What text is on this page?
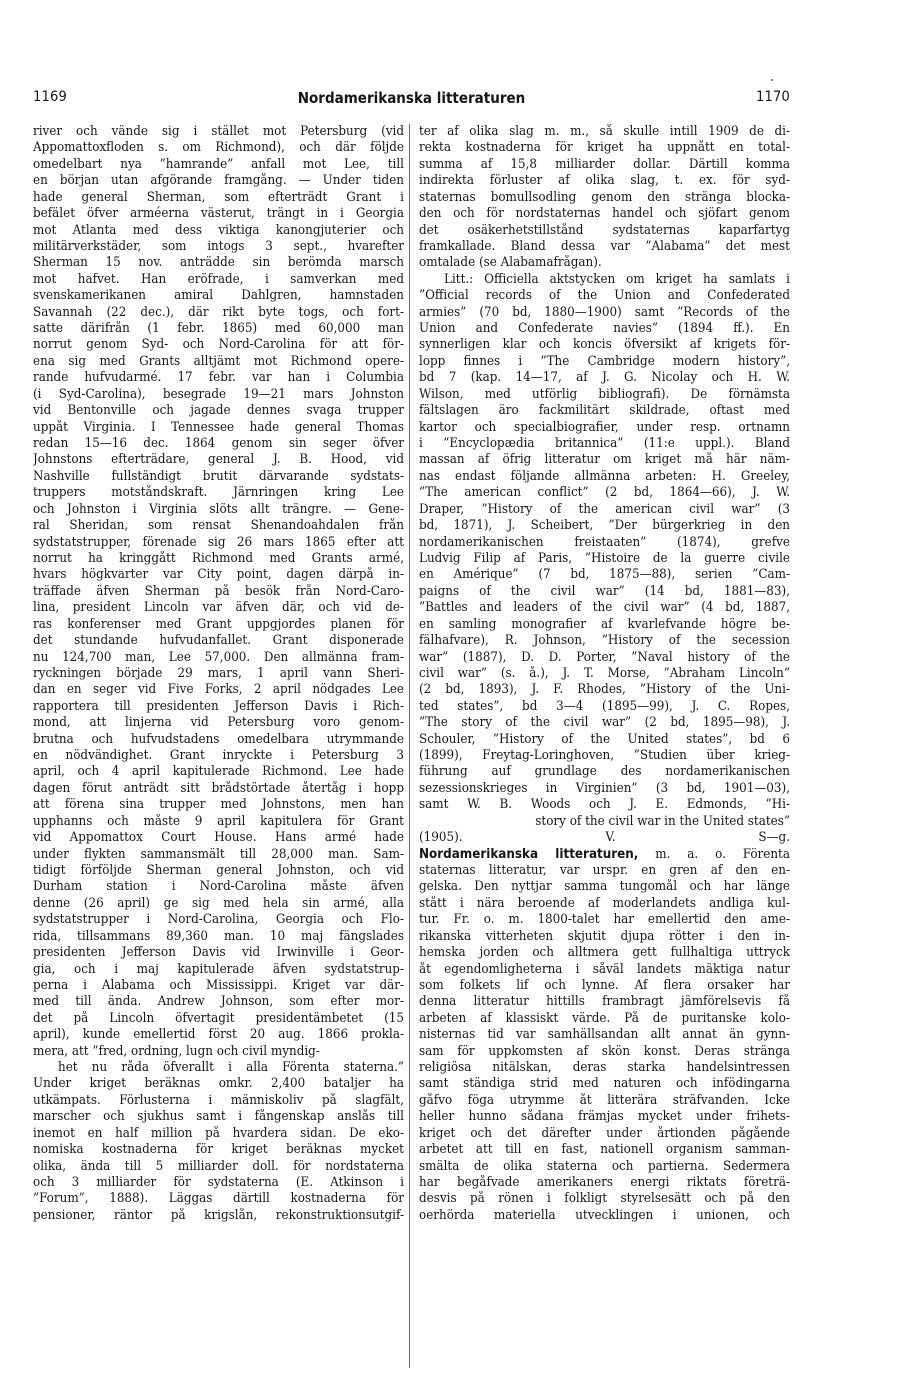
1169	Nordamerikanska litteraturen	1170
river och vände sig i stället mot Petersburg (vid
Appomattoxfloden s. om Richmond), och där följde
omedelbart nya ”hamrande” anfall mot Lee, till
en början utan afgörande framgång. — Under tiden
hade general Sherman, som efterträdt Grant i
befälet öfver arméerna västerut, trängt in i Georgia
mot Atlanta med dess viktiga kanongjuterier och
militärverkstäder, som intogs 3 sept., hvarefter
Sherman 15 nov. anträdde sin berömda marsch
mot hafvet. Han eröfrade, i samverkan med
svenskamerikanen amiral Dahlgren, hamnstaden
Savannah (22 dec.), där rikt byte togs, och fort-
satte därifrån (1 febr. 1865) med 60,000 man
norrut genom Syd- och Nord-Carolina för att för-
ena sig med Grants alltjämt mot Richmond opere-
rande hufvudarmé. 17 febr. var han i Columbia
(i Syd-Carolina), besegrade 19—21 mars Johnston
vid Bentonville och jagade dennes svaga trupper
uppåt Virginia. I Tennessee hade general Thomas
redan 15—16 dec. 1864 genom sin seger öfver
Johnstons efterträdare, general J. B. Hood, vid
Nashville fullständigt brutit därvarande sydstats-
truppers motståndskraft. Järnringen kring Lee
och Johnston i Virginia slöts allt trängre. — Gene-
ral Sheridan, som rensat Shenandoahdalen från
sydstatstrupper, förenade sig 26 mars 1865 efter att
norrut ha kringgått Richmond med Grants armé,
hvars högkvarter var City point, dagen därpå in-
träffade äfven Sherman på besök från Nord-Caro-
lina, president Lincoln var äfven där, och vid de-
ras konferenser med Grant uppgjordes planen för
det stundande hufvudanfallet. Grant disponerade
nu 124,700 man, Lee 57,000. Den allmänna fram-
ryckningen började 29 mars, 1 april vann Sheri-
dan en seger vid Five Forks, 2 april nödgades Lee
rapportera till presidenten Jefferson Davis i Rich-
mond, att linjerna vid Petersburg voro genom-
brutna och hufvudstadens omedelbara utrymmande
en nödvändighet. Grant inryckte i Petersburg 3
april, och 4 april kapitulerade Richmond. Lee hade
dagen förut anträdt sitt brådstörtade återtåg i hopp
att förena sina trupper med Johnstons, men han
upphanns och måste 9 april kapitulera för Grant
vid Appomattox Court House. Hans armé hade
under flykten sammansmält till 28,000 man. Sam-
tidigt förföljde Sherman general Johnston, och vid
Durham station i Nord-Carolina måste äfven
denne (26 april) ge sig med hela sin armé, alla
sydstatstrupper i Nord-Carolina, Georgia och Flo-
rida, tillsammans 89,360 man. 10 maj fängslades
presidenten Jefferson Davis vid Irwinville i Geor-
gia, och i maj kapitulerade äfven sydstatstrup-
perna i Alabama och Mississippi. Kriget var där-
med till ända. Andrew Johnson, som efter mor-
det på Lincoln öfvertagit presidentämbetet (15
april), kunde emellertid först 20 aug. 1866 prokla-
mera, att ”fred, ordning, lugn och civil myndig-
het nu råda öfverallt i alla Förenta staterna.”
Under kriget beräknas omkr. 2,400 batаljer ha
utkämpats. Förlusterna i människoliv på slagfält,
marscher och sjukhus samt i fångenskap anslås till
inemot en half million på hvardera sidan. De eko-
nomiska kostnaderna för kriget beräknas mycket
olika, ända till 5 milliarder doll. för nordstaterna
och 3 milliarder för sydstaterna (E. Atkinson i
”Forum”, 1888). Läggas därtill kostnaderna för
pensioner, räntor på krigslån, rekonstruktionsutgif-
ter af olika slag m. m., så skulle intill 1909 de di-
rekta kostnaderna för kriget ha uppnått en total-
summa af 15,8 milliarder dollar. Därtill komma
indirekta förluster af olika slag, t. ex. för syd-
staternas bomullsodling genom den stränga blocka-
den och för nordstaternas handel och sjöfart genom
det osäkerhetstillstånd sydstaternas kaparfartyg
framkallade. Bland dessa var ”Alabama” det mest
omtalade (se Alabamafrågan).
Litt.: Officiella aktstycken om kriget ha samlats i
”Official records of the Union and Confederated
armies” (70 bd, 1880—1900) samt ”Records of the
Union and Confederate navies” (1894 ff.). En
synnerligen klar och koncis öfversikt af krigets för-
lopp finnes i ”The Cambridge modern history”,
bd 7 (kap. 14—17, af J. G. Nicolay och H. W.
Wilson, med utförlig bibliografi). De förnämsta
fältslagen äro fackmilitärt skildrade, oftast med
kartor och specialbiografier, under resp. ortnamn
i ”Encyclopædia britannica” (11:e uppl.). Bland
massan af öfrig litteratur om kriget må här näm-
nas endast följande allmänna arbeten: H. Greeley,
”The american conflict” (2 bd, 1864—66), J. W.
Draper, ”History of the american civil war” (3
bd, 1871), J. Scheibert, ”Der bürgerkrieg in den
nordamerikanischen freistaaten” (1874), grefve
Ludvig Filip af Paris, ”Histoire de la guerre civile
en Amérique” (7 bd, 1875—88), serien ”Cam-
paigns of the civil war” (14 bd, 1881—83),
”Battles and leaders of the civil war” (4 bd, 1887,
en samling monografier af kvarlefvande högre be-
fälhafvare), R. Johnson, ”History of the secession
war” (1887), D. D. Porter, ”Naval history of the
civil war” (s. å.), J. T. Morse, ”Abraham Lincoln”
(2 bd, 1893), J. F. Rhodes, ”History of the Uni-
ted states”, bd 3—4 (1895—99), J. C. Ropes,
”The story of the civil war” (2 bd, 1895—98), J.
Schouler, ”History of the United states”, bd 6
(1899), Freytag-Loringhoven, ”Studien über krieg-
führung auf grundlage des nordamerikanischen
sezessionskrieges in Virginien” (3 bd, 1901—03),
samt W. B. Woods och J. E. Edmonds, ”Hi-
story of the civil war in the United states”
(1905). V. S—g.
Nordamerikanska litteraturen, m. a. o. Förenta
staternas litteratur, var urspr. en gren af den en-
gelska. Den nyttjar samma tungomål och har länge
stått i nära beroende af moderlandets andliga kul-
tur. Fr. o. m. 1800-talet har emellertid den ame-
rikanska vitterheten skjutit djupa rötter i den in-
hemska jorden och alltmera gett fullhaltiga uttryck
åt egendomligheterna i såväl landets mäktiga natur
som folkets lif och lynne. Af flera orsaker har
denna litteratur hittills frambragt jämförelsevis få
arbeten af klassiskt värde. På de puritanske kolo-
nisternas tid var samhällsandan allt annat än gynn-
sam för uppkomsten af skön konst. Deras stränga
religiösa nitälskan, deras starka handelsintressen
samt ständiga strid med naturen och infödingarna
gåfvo föga utrymme åt litterära sträfvanden. Icke
heller hunno sådana främjas mycket under frihets-
kriget och det därefter under årtionden pågående
arbetet att till en fast, nationell organism samman-
smälta de olika staterna och partierna. Sedermera
har begåfvade amerikaners energi riktats företrä-
desvis på rönen i folkligt styrelsesätt och på den
oerhörda materiella utvecklingen i unionen, och
